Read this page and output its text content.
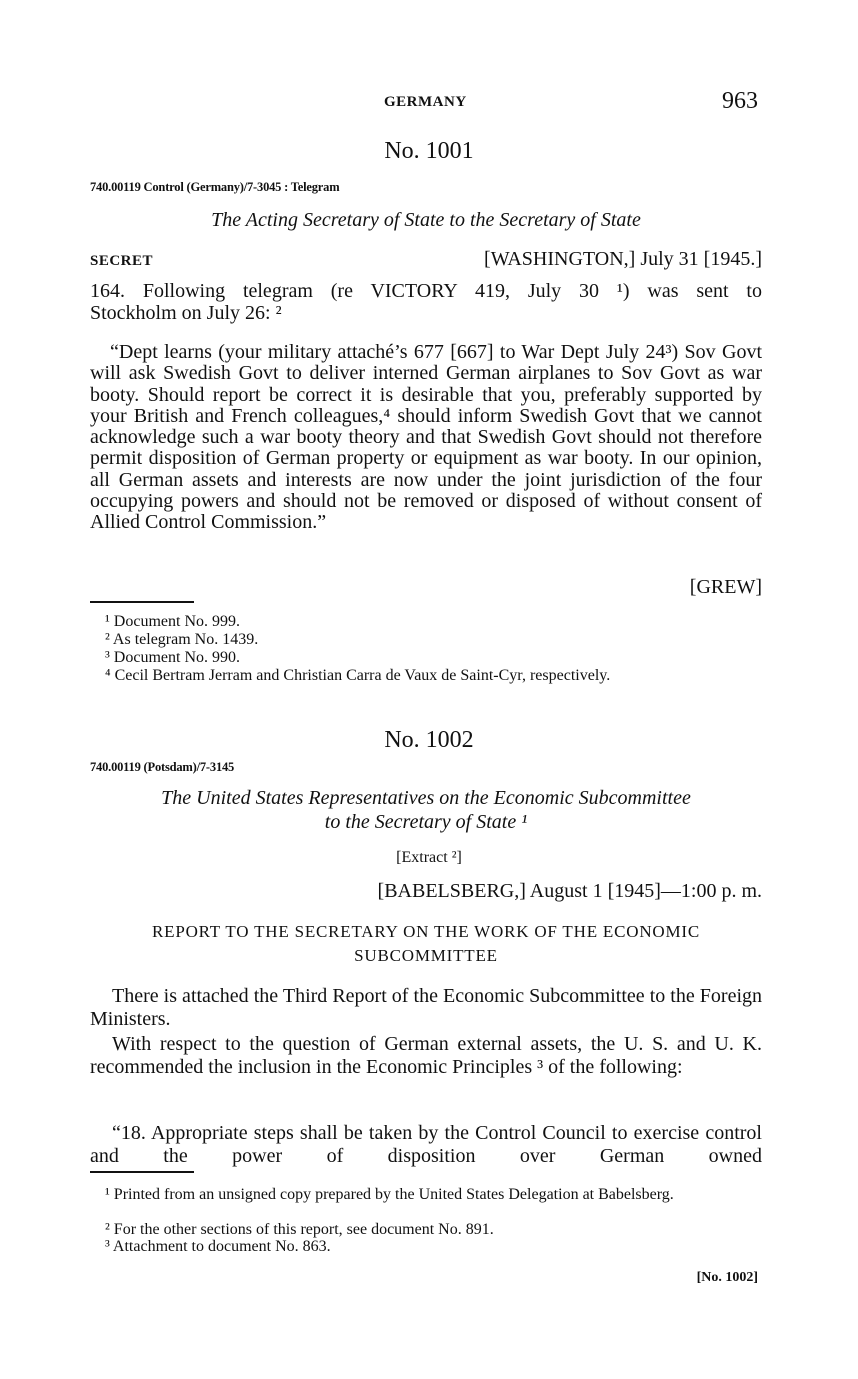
GERMANY	963
No. 1001
740.00119 Control (Germany)/7-3045 : Telegram
The Acting Secretary of State to the Secretary of State
SECRET	[WASHINGTON,] July 31 [1945.]
164. Following telegram (re VICTORY 419, July 30 ¹) was sent to
Stockholm on July 26: ²
“Dept learns (your military attaché’s 677 [667] to War Dept July 24³) Sov Govt will ask Swedish Govt to deliver interned German airplanes to Sov Govt as war booty. Should report be correct it is desirable that you, preferably supported by your British and French colleagues,⁴ should inform Swedish Govt that we cannot acknowledge such a war booty theory and that Swedish Govt should not therefore permit disposition of German property or equipment as war booty. In our opinion, all German assets and interests are now under the joint jurisdiction of the four occupying powers and should not be removed or disposed of without consent of Allied Control Commission.”
[GREW]
¹ Document No. 999.
² As telegram No. 1439.
³ Document No. 990.
⁴ Cecil Bertram Jerram and Christian Carra de Vaux de Saint-Cyr, respectively.
No. 1002
740.00119 (Potsdam)/7-3145
The United States Representatives on the Economic Subcommittee
to the Secretary of State ¹
[Extract ²]
[BABELSBERG,] August 1 [1945]—1:00 p. m.
REPORT TO THE SECRETARY ON THE WORK OF THE ECONOMIC
SUBCOMMITTEE
There is attached the Third Report of the Economic Subcommittee to the Foreign Ministers.
With respect to the question of German external assets, the U. S. and U. K. recommended the inclusion in the Economic Principles ³ of the following:
“18. Appropriate steps shall be taken by the Control Council to exercise control and the power of disposition over German owned
¹ Printed from an unsigned copy prepared by the United States Delegation at Babelsberg.
² For the other sections of this report, see document No. 891.
³ Attachment to document No. 863.
[No. 1002]
